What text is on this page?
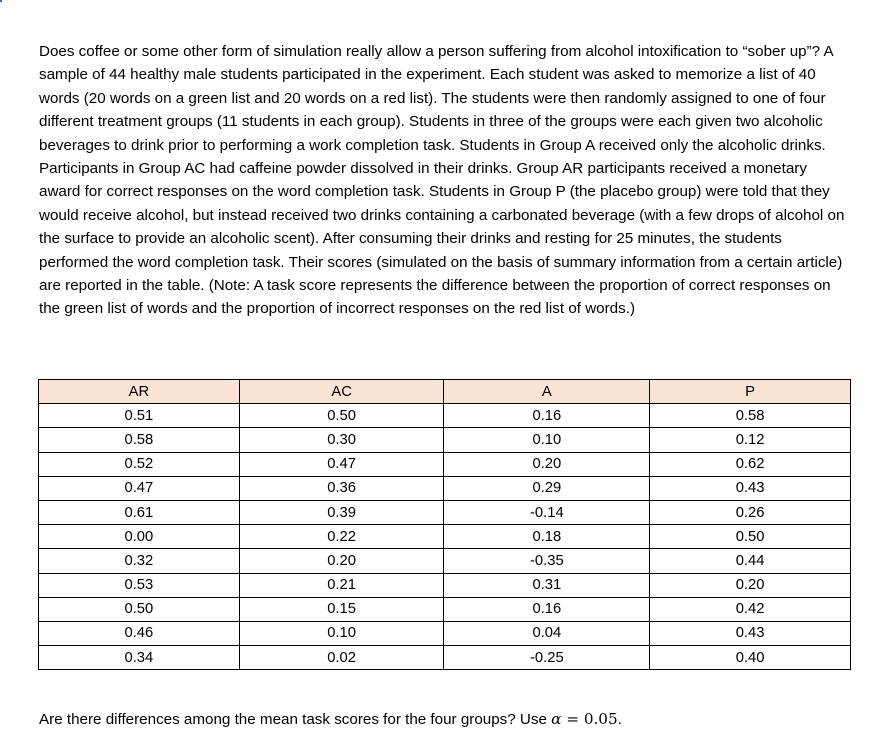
Does coffee or some other form of simulation really allow a person suffering from alcohol intoxification to “sober up”? A sample of 44 healthy male students participated in the experiment. Each student was asked to memorize a list of 40 words (20 words on a green list and 20 words on a red list). The students were then randomly assigned to one of four different treatment groups (11 students in each group). Students in three of the groups were each given two alcoholic beverages to drink prior to performing a work completion task. Students in Group A received only the alcoholic drinks. Participants in Group AC had caffeine powder dissolved in their drinks. Group AR participants received a monetary award for correct responses on the word completion task. Students in Group P (the placebo group) were told that they would receive alcohol, but instead received two drinks containing a carbonated beverage (with a few drops of alcohol on the surface to provide an alcoholic scent). After consuming their drinks and resting for 25 minutes, the students performed the word completion task. Their scores (simulated on the basis of summary information from a certain article) are reported in the table. (Note: A task score represents the difference between the proportion of correct responses on the green list of words and the proportion of incorrect responses on the red list of words.)

AR	AC	A	P
0.51	0.50	0.16	0.58
0.58	0.30	0.10	0.12
0.52	0.47	0.20	0.62
0.47	0.36	0.29	0.43
0.61	0.39	-0.14	0.26
0.00	0.22	0.18	0.50
0.32	0.20	-0.35	0.44
0.53	0.21	0.31	0.20
0.50	0.15	0.16	0.42
0.46	0.10	0.04	0.43
0.34	0.02	-0.25	0.40

Are there differences among the mean task scores for the four groups? Use α = 0.05.
